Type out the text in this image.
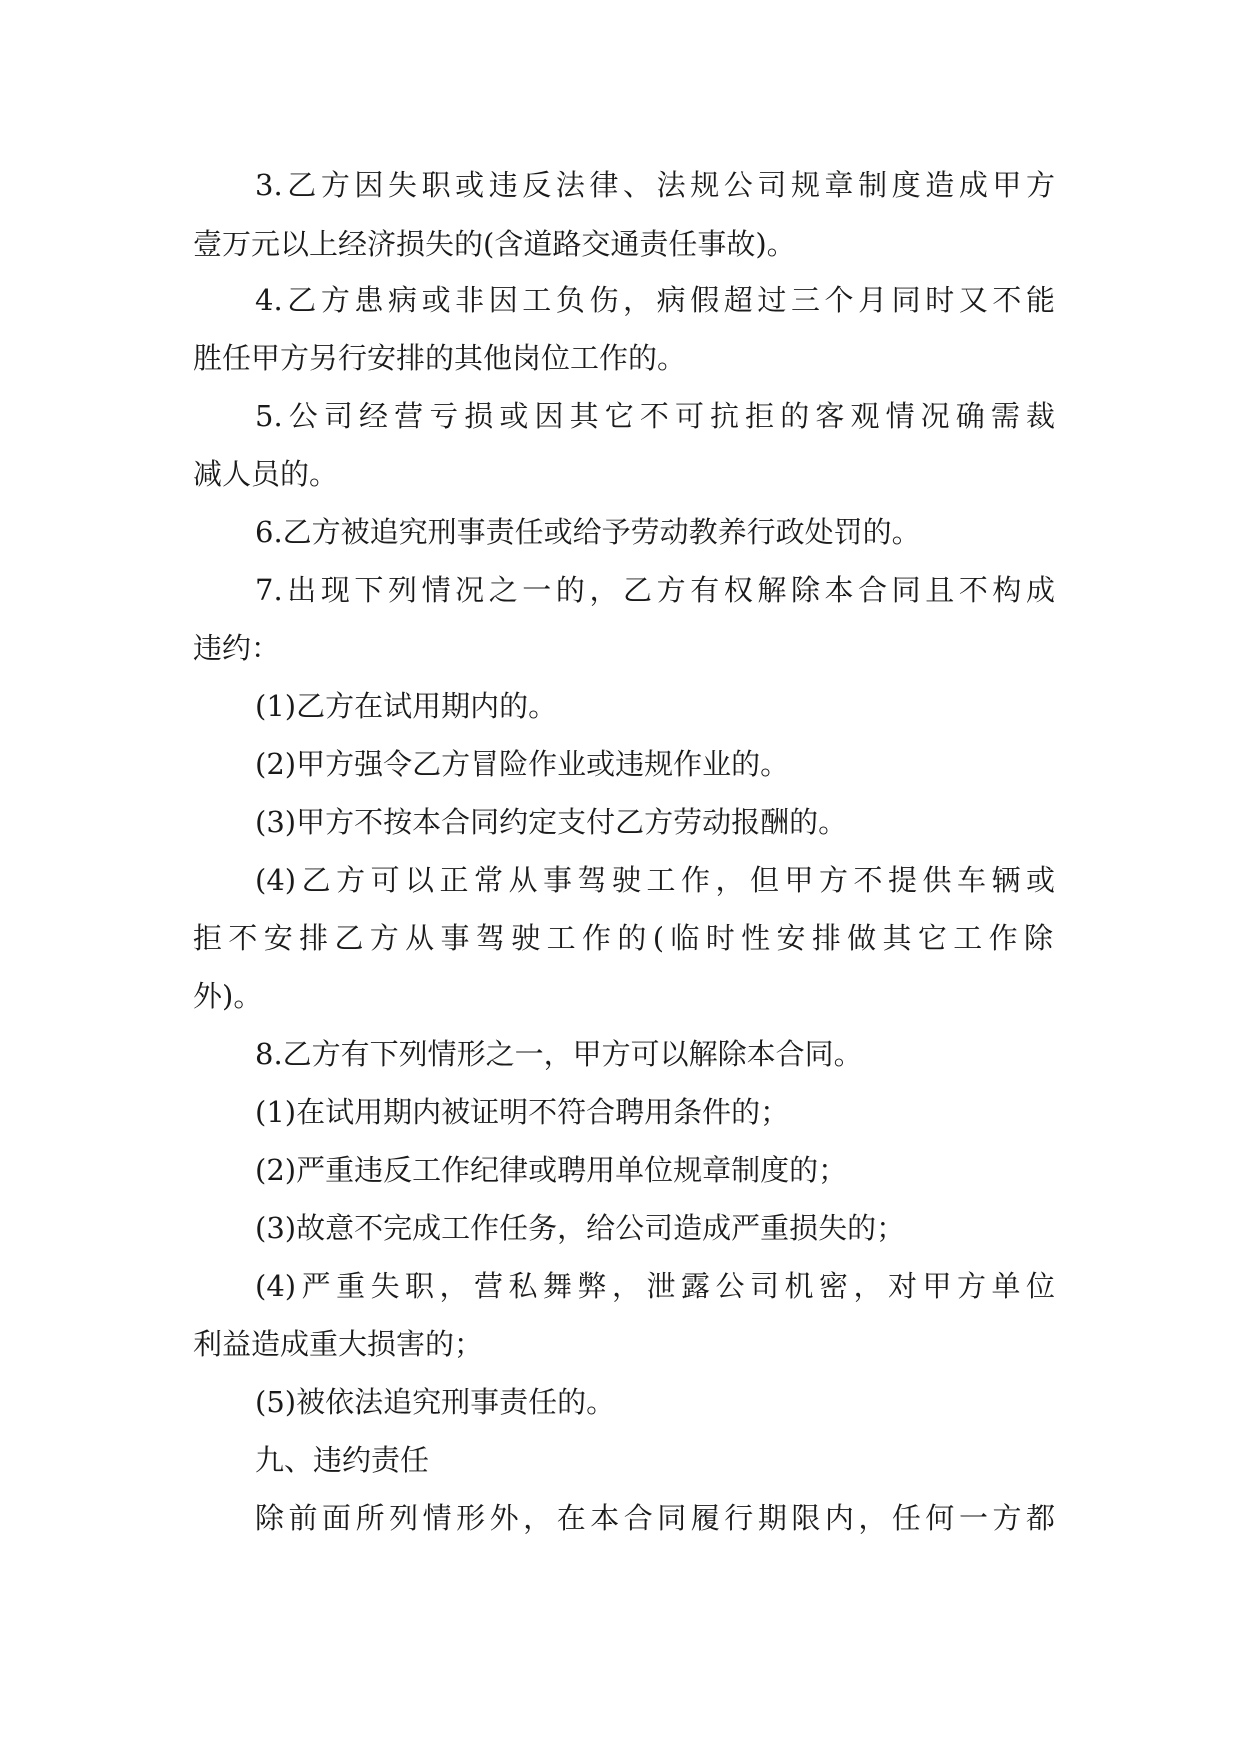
3.乙方因失职或违反法律、法规公司规章制度造成甲方
壹万元以上经济损失的(含道路交通责任事故)。
4.乙方患病或非因工负伤，病假超过三个月同时又不能
胜任甲方另行安排的其他岗位工作的。
5.公司经营亏损或因其它不可抗拒的客观情况确需裁
减人员的。
6.乙方被追究刑事责任或给予劳动教养行政处罚的。
7.出现下列情况之一的，乙方有权解除本合同且不构成
违约：
(1)乙方在试用期内的。
(2)甲方强令乙方冒险作业或违规作业的。
(3)甲方不按本合同约定支付乙方劳动报酬的。
(4)乙方可以正常从事驾驶工作，但甲方不提供车辆或
拒不安排乙方从事驾驶工作的(临时性安排做其它工作除
外)。
8.乙方有下列情形之一，甲方可以解除本合同。
(1)在试用期内被证明不符合聘用条件的；
(2)严重违反工作纪律或聘用单位规章制度的；
(3)故意不完成工作任务，给公司造成严重损失的；
(4)严重失职，营私舞弊，泄露公司机密，对甲方单位
利益造成重大损害的；
(5)被依法追究刑事责任的。
九、违约责任
除前面所列情形外，在本合同履行期限内，任何一方都
